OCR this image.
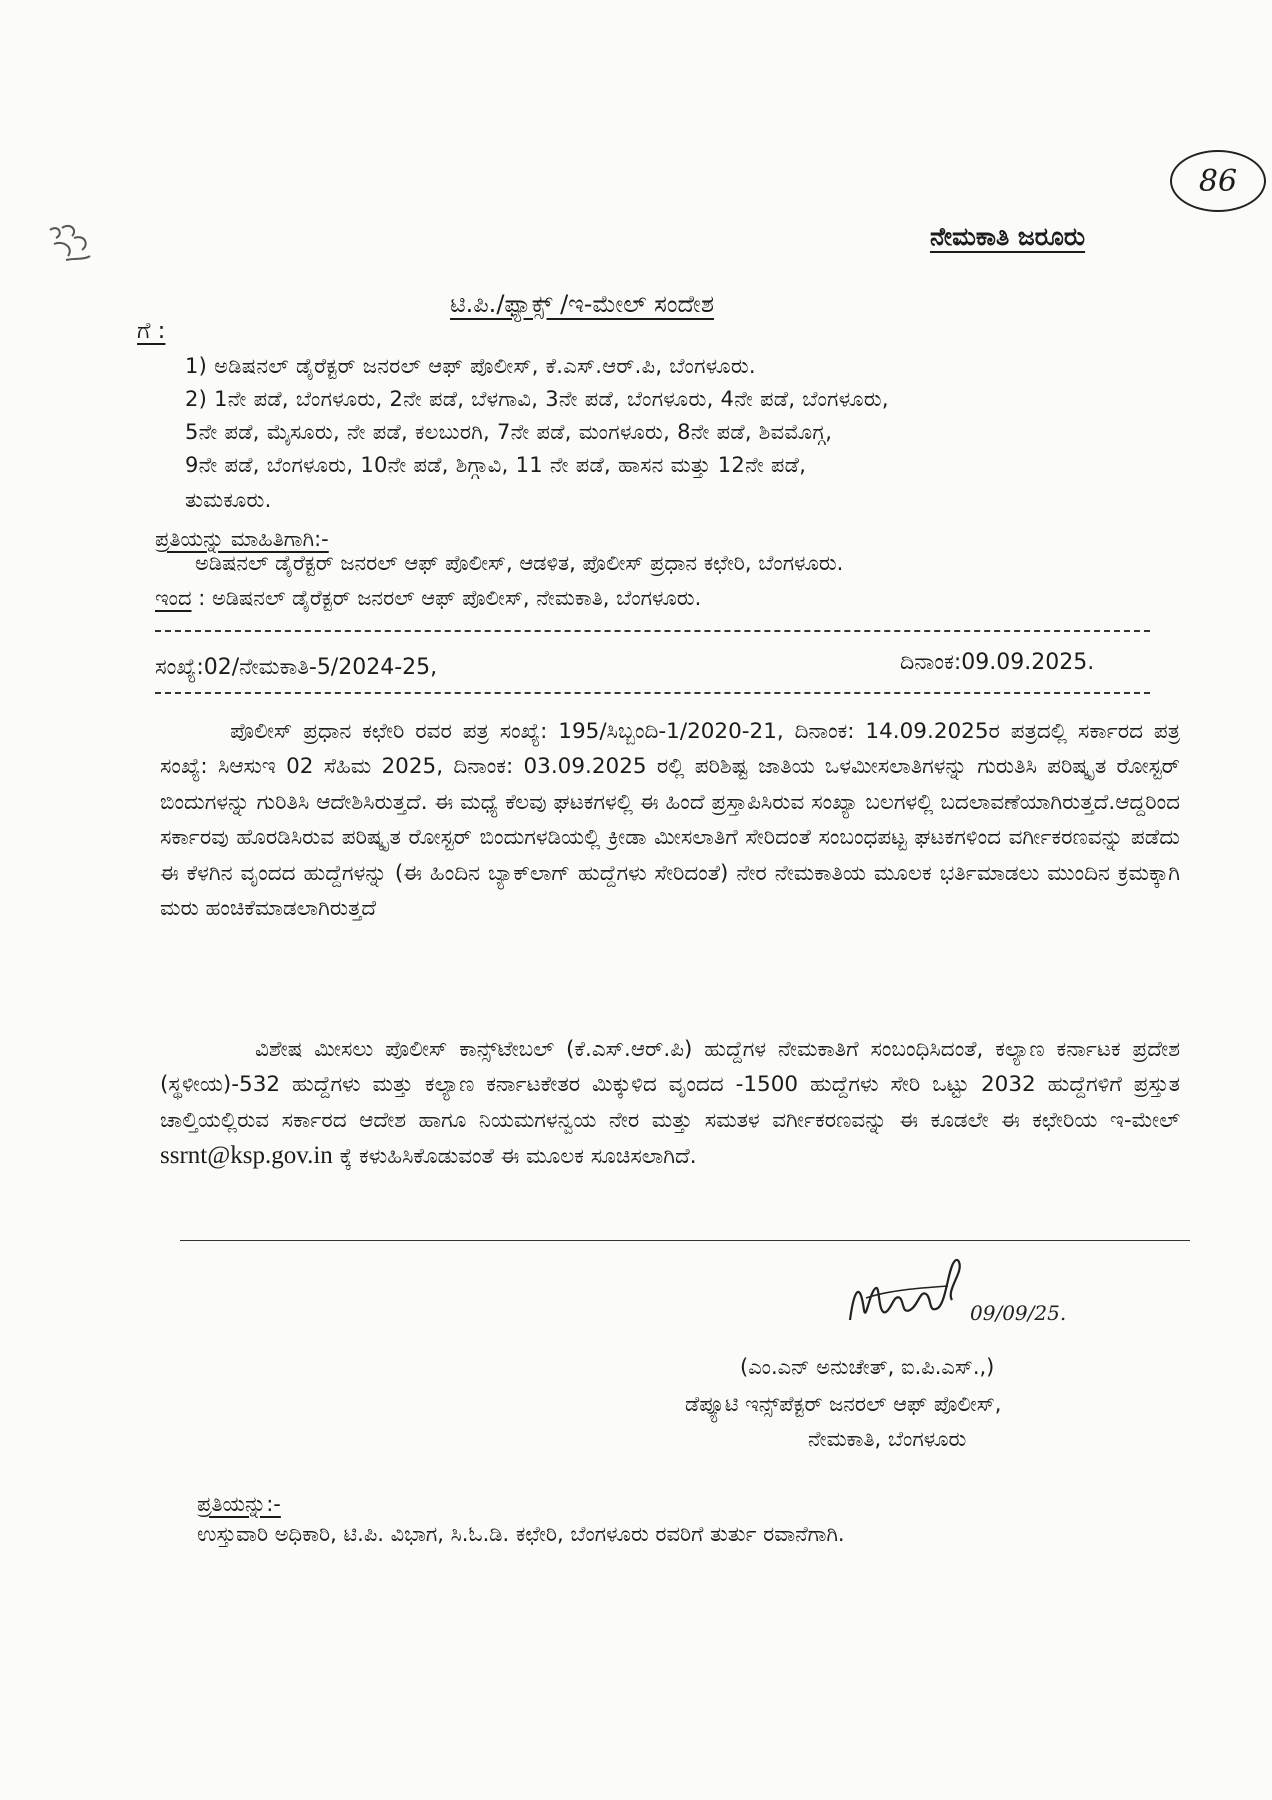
86
ನೇಮಕಾತಿ ಜರೂರು
ಟಿ.ಪಿ./ಫ್ಯಾಕ್ಸ್ /ಇ-ಮೇಲ್ ಸಂದೇಶ
ಗೆ :
1) ಅಡಿಷನಲ್ ಡೈರೆಕ್ಟರ್ ಜನರಲ್ ಆಫ್ ಪೊಲೀಸ್, ಕೆ.ಎಸ್.ಆರ್.ಪಿ, ಬೆಂಗಳೂರು.
2) 1ನೇ ಪಡೆ, ಬೆಂಗಳೂರು, 2ನೇ ಪಡೆ, ಬೆಳಗಾವಿ, 3ನೇ ಪಡೆ, ಬೆಂಗಳೂರು, 4ನೇ ಪಡೆ, ಬೆಂಗಳೂರು,
5ನೇ ಪಡೆ, ಮೈಸೂರು, ನೇ ಪಡೆ, ಕಲಬುರಗಿ, 7ನೇ ಪಡೆ, ಮಂಗಳೂರು, 8ನೇ ಪಡೆ, ಶಿವಮೊಗ್ಗ,
9ನೇ ಪಡೆ, ಬೆಂಗಳೂರು, 10ನೇ ಪಡೆ, ಶಿಗ್ಗಾವಿ, 11 ನೇ ಪಡೆ, ಹಾಸನ ಮತ್ತು 12ನೇ ಪಡೆ,
ತುಮಕೂರು.
ಪ್ರತಿಯನ್ನು ಮಾಹಿತಿಗಾಗಿ:-
ಅಡಿಷನಲ್ ಡೈರೆಕ್ಟರ್ ಜನರಲ್ ಆಫ್ ಪೊಲೀಸ್, ಆಡಳಿತ, ಪೊಲೀಸ್ ಪ್ರಧಾನ ಕಛೇರಿ, ಬೆಂಗಳೂರು.
ಇಂದ : ಅಡಿಷನಲ್ ಡೈರೆಕ್ಟರ್ ಜನರಲ್ ಆಫ್ ಪೊಲೀಸ್, ನೇಮಕಾತಿ, ಬೆಂಗಳೂರು.
ಸಂಖ್ಯೆ:02/ನೇಮಕಾತಿ-5/2024-25,	ದಿನಾಂಕ:09.09.2025.
ಪೊಲೀಸ್ ಪ್ರಧಾನ ಕಛೇರಿ ರವರ ಪತ್ರ ಸಂಖ್ಯೆ: 195/ಸಿಬ್ಬಂದಿ-1/2020-21, ದಿನಾಂಕ: 14.09.2025ರ ಪತ್ರದಲ್ಲಿ ಸರ್ಕಾರದ ಪತ್ರ ಸಂಖ್ಯೆ: ಸಿಆಸುಇ 02 ಸೆಹಿಮ 2025, ದಿನಾಂಕ: 03.09.2025 ರಲ್ಲಿ ಪರಿಶಿಷ್ಟ ಜಾತಿಯ ಒಳಮೀಸಲಾತಿಗಳನ್ನು ಗುರುತಿಸಿ ಪರಿಷ್ಕೃತ ರೋಸ್ಟರ್ ಬಿಂದುಗಳನ್ನು ಗುರಿತಿಸಿ ಆದೇಶಿಸಿರುತ್ತದೆ. ಈ ಮಧ್ಯೆ ಕೆಲವು ಘಟಕಗಳಲ್ಲಿ ಈ ಹಿಂದೆ ಪ್ರಸ್ತಾಪಿಸಿರುವ ಸಂಖ್ಯಾ ಬಲಗಳಲ್ಲಿ ಬದಲಾವಣೆಯಾಗಿರುತ್ತದೆ.ಆದ್ದರಿಂದ ಸರ್ಕಾರವು ಹೊರಡಿಸಿರುವ ಪರಿಷ್ಕೃತ ರೋಸ್ಟರ್ ಬಿಂದುಗಳಡಿಯಲ್ಲಿ ಕ್ರೀಡಾ ಮೀಸಲಾತಿಗೆ ಸೇರಿದಂತೆ ಸಂಬಂಧಪಟ್ಟ ಘಟಕಗಳಿಂದ ವರ್ಗೀಕರಣವನ್ನು ಪಡೆದು ಈ ಕೆಳಗಿನ ವೃಂದದ ಹುದ್ದೆಗಳನ್ನು (ಈ ಹಿಂದಿನ ಬ್ಯಾಕ್‌ಲಾಗ್ ಹುದ್ದೆಗಳು ಸೇರಿದಂತೆ) ನೇರ ನೇಮಕಾತಿಯ ಮೂಲಕ ಭರ್ತಿಮಾಡಲು ಮುಂದಿನ ಕ್ರಮಕ್ಕಾಗಿ ಮರು ಹಂಚಿಕೆಮಾಡಲಾಗಿರುತ್ತದೆ
ವಿಶೇಷ ಮೀಸಲು ಪೊಲೀಸ್ ಕಾನ್ಸ್‌ಟೇಬಲ್ (ಕೆ.ಎಸ್.ಆರ್.ಪಿ) ಹುದ್ದೆಗಳ ನೇಮಕಾತಿಗೆ ಸಂಬಂಧಿಸಿದಂತೆ, ಕಲ್ಯಾಣ ಕರ್ನಾಟಕ ಪ್ರದೇಶ (ಸ್ಥಳೀಯ)-532 ಹುದ್ದೆಗಳು ಮತ್ತು ಕಲ್ಯಾಣ ಕರ್ನಾಟಕೇತರ ಮಿಕ್ಕುಳಿದ ವೃಂದದ -1500 ಹುದ್ದೆಗಳು ಸೇರಿ ಒಟ್ಟು 2032 ಹುದ್ದೆಗಳಿಗೆ ಪ್ರಸ್ತುತ ಚಾಲ್ತಿಯಲ್ಲಿರುವ ಸರ್ಕಾರದ ಆದೇಶ ಹಾಗೂ ನಿಯಮಗಳನ್ವಯ ನೇರ ಮತ್ತು ಸಮತಳ ವರ್ಗೀಕರಣವನ್ನು ಈ ಕೂಡಲೇ ಈ ಕಛೇರಿಯ ಇ-ಮೇಲ್ ssrnt@ksp.gov.in ಕ್ಕೆ ಕಳುಹಿಸಿಕೊಡುವಂತೆ ಈ ಮೂಲಕ ಸೂಚಿಸಲಾಗಿದೆ.
09/09/25.
(ಎಂ.ಎನ್ ಅನುಚೇತ್, ಐ.ಪಿ.ಎಸ್.,)
ಡೆಪ್ಯೂಟಿ ಇನ್ಸ್‌ಪೆಕ್ಟರ್ ಜನರಲ್ ಆಫ್ ಪೊಲೀಸ್,
ನೇಮಕಾತಿ, ಬೆಂಗಳೂರು
ಪ್ರತಿಯನ್ನು:-
ಉಸ್ತುವಾರಿ ಅಧಿಕಾರಿ, ಟಿ.ಪಿ. ವಿಭಾಗ, ಸಿ.ಓ.ಡಿ. ಕಛೇರಿ, ಬೆಂಗಳೂರು ರವರಿಗೆ ತುರ್ತು ರವಾನೆಗಾಗಿ.
